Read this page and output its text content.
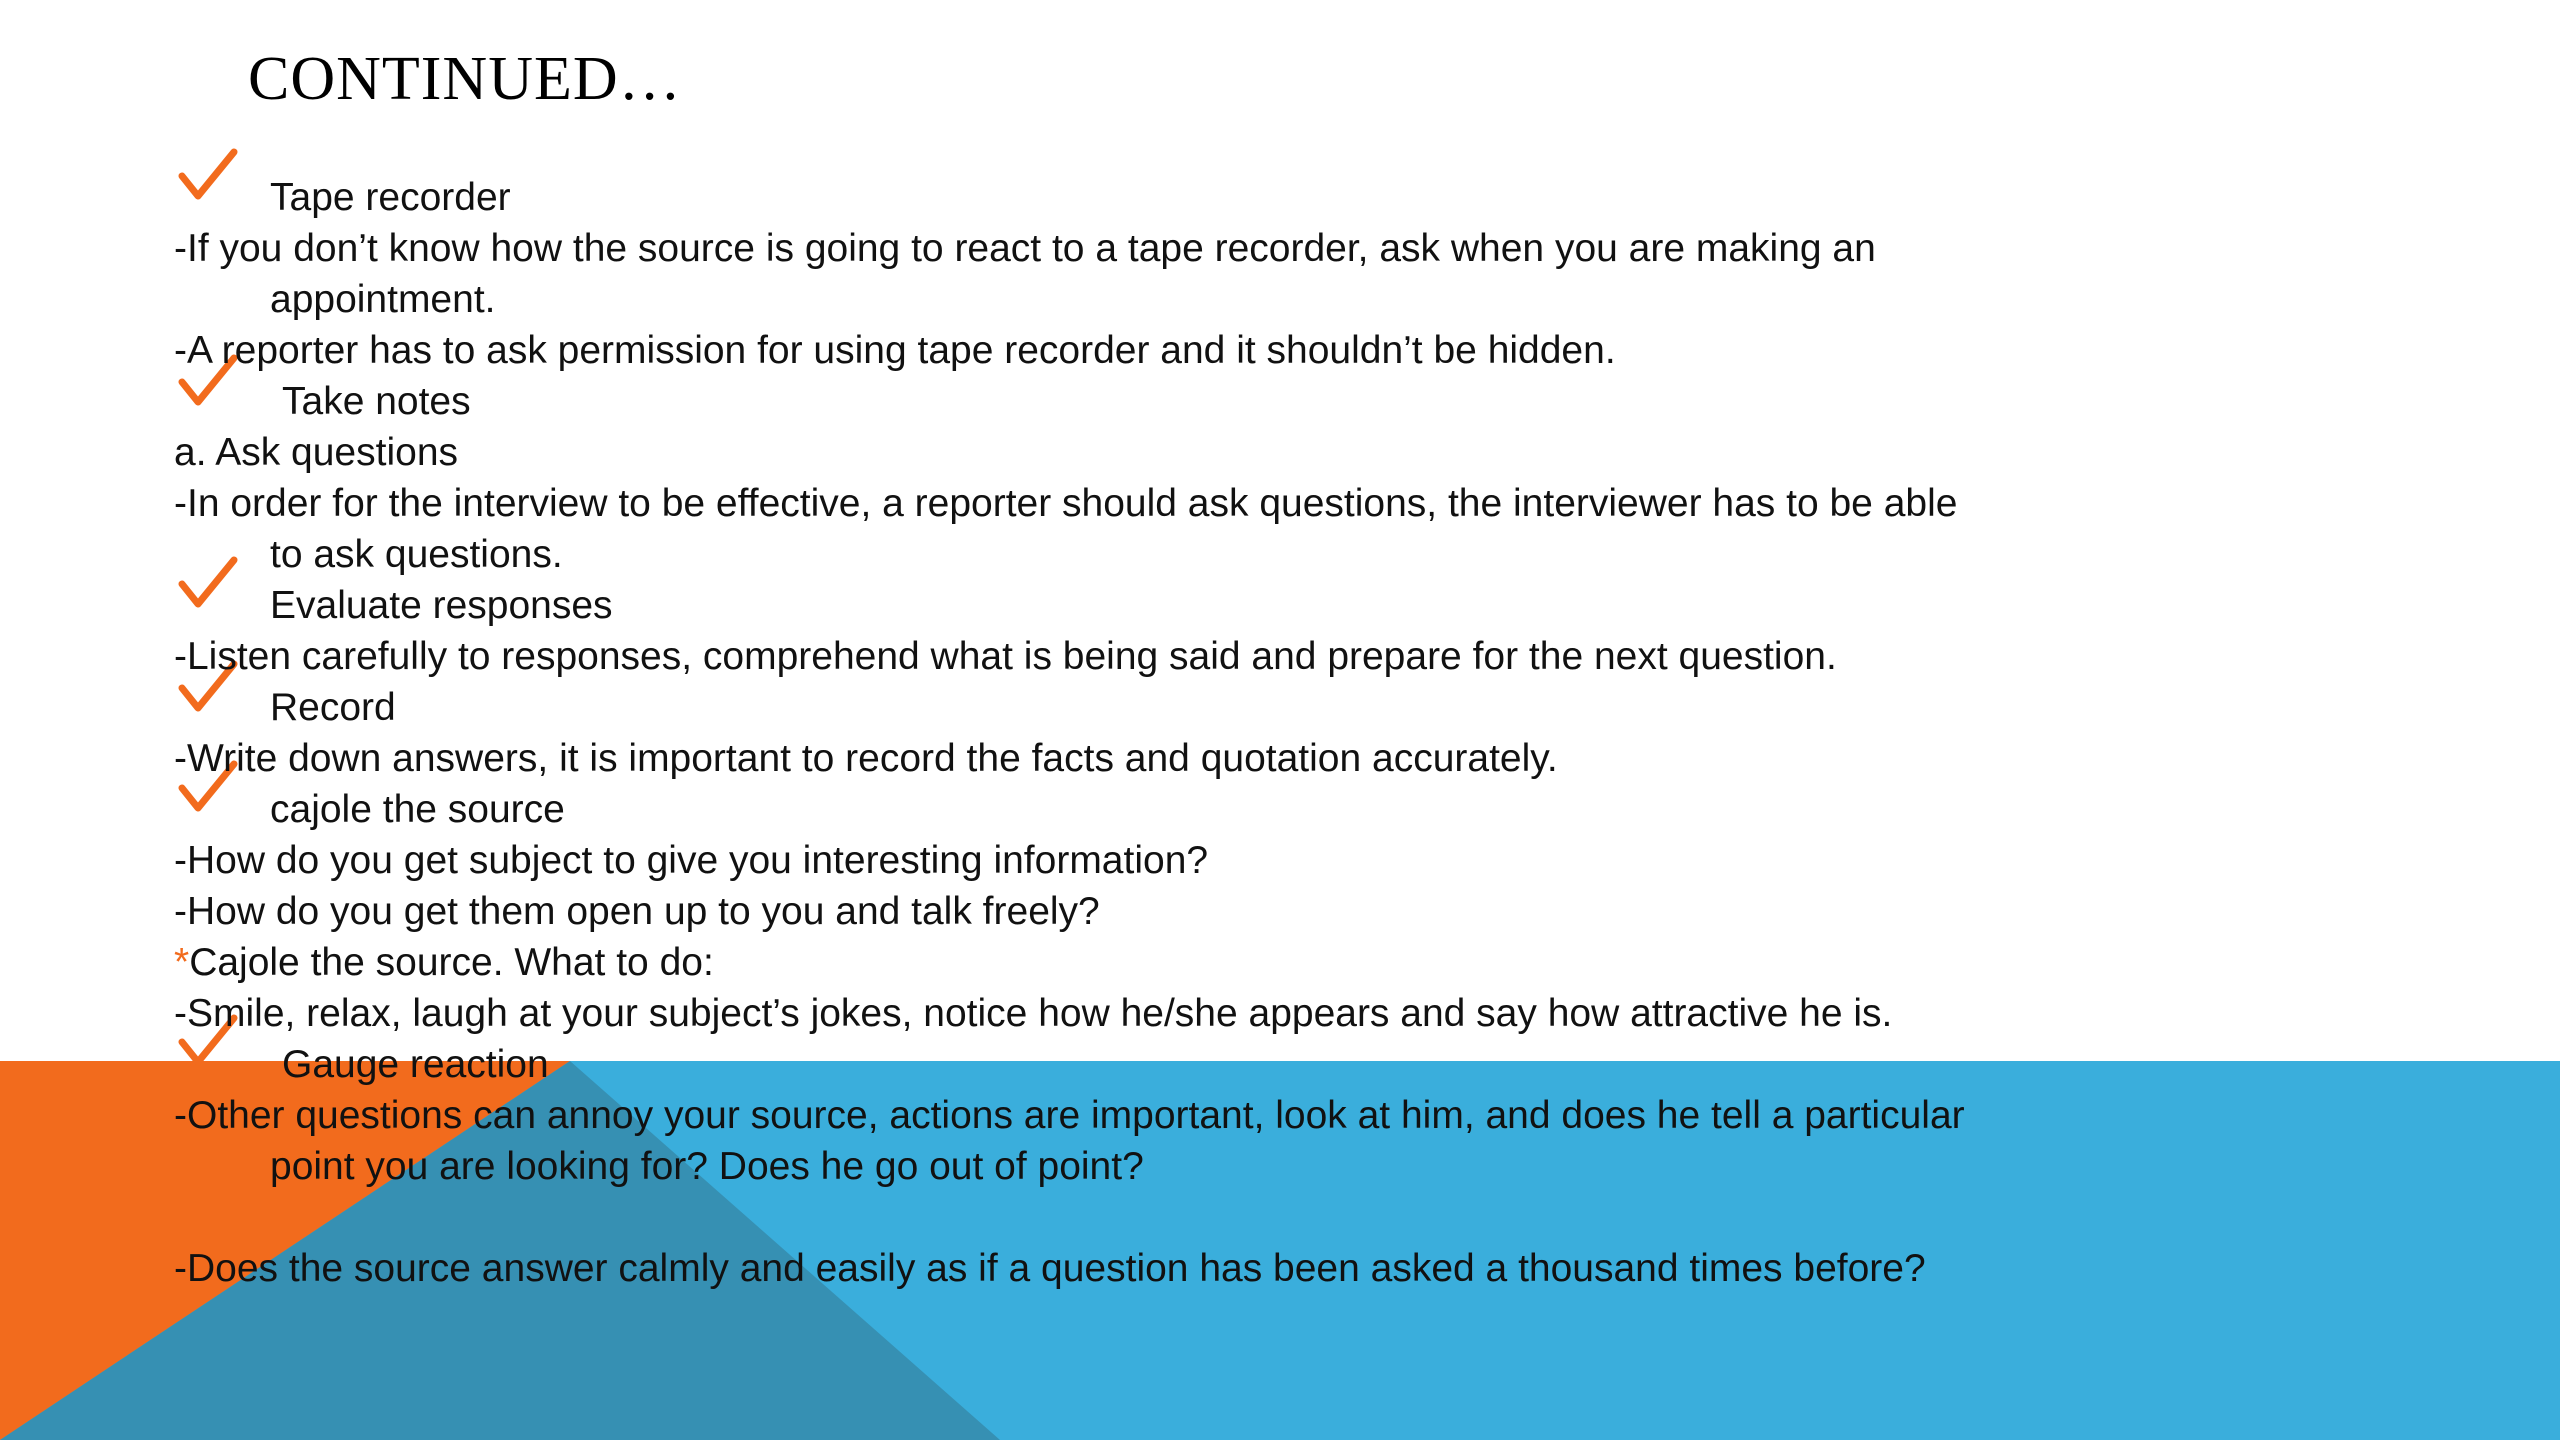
CONTINUED…
Tape recorder
-If you don’t know how the source is going to react to a tape recorder, ask when you are making an
appointment.
-A reporter has to ask permission for using tape recorder and it shouldn’t be hidden.
Take notes
a. Ask questions
-In order for the interview to be effective, a reporter should ask questions, the interviewer has to be able
to ask questions.
Evaluate responses
-Listen carefully to responses, comprehend what is being said and prepare for the next question.
Record
-Write down answers, it is important to record the facts and quotation accurately.
cajole the source
-How do you get subject to give you interesting information?
-How do you get them open up to you and talk freely?
*Cajole the source. What to do:
-Smile, relax, laugh at your subject’s jokes, notice how he/she appears and say how attractive he is.
Gauge reaction
-Other questions can annoy your source, actions are important, look at him, and does he tell a particular
point you are looking for? Does he go out of point?
-Does the source answer calmly and easily as if a question has been asked a thousand times before?
